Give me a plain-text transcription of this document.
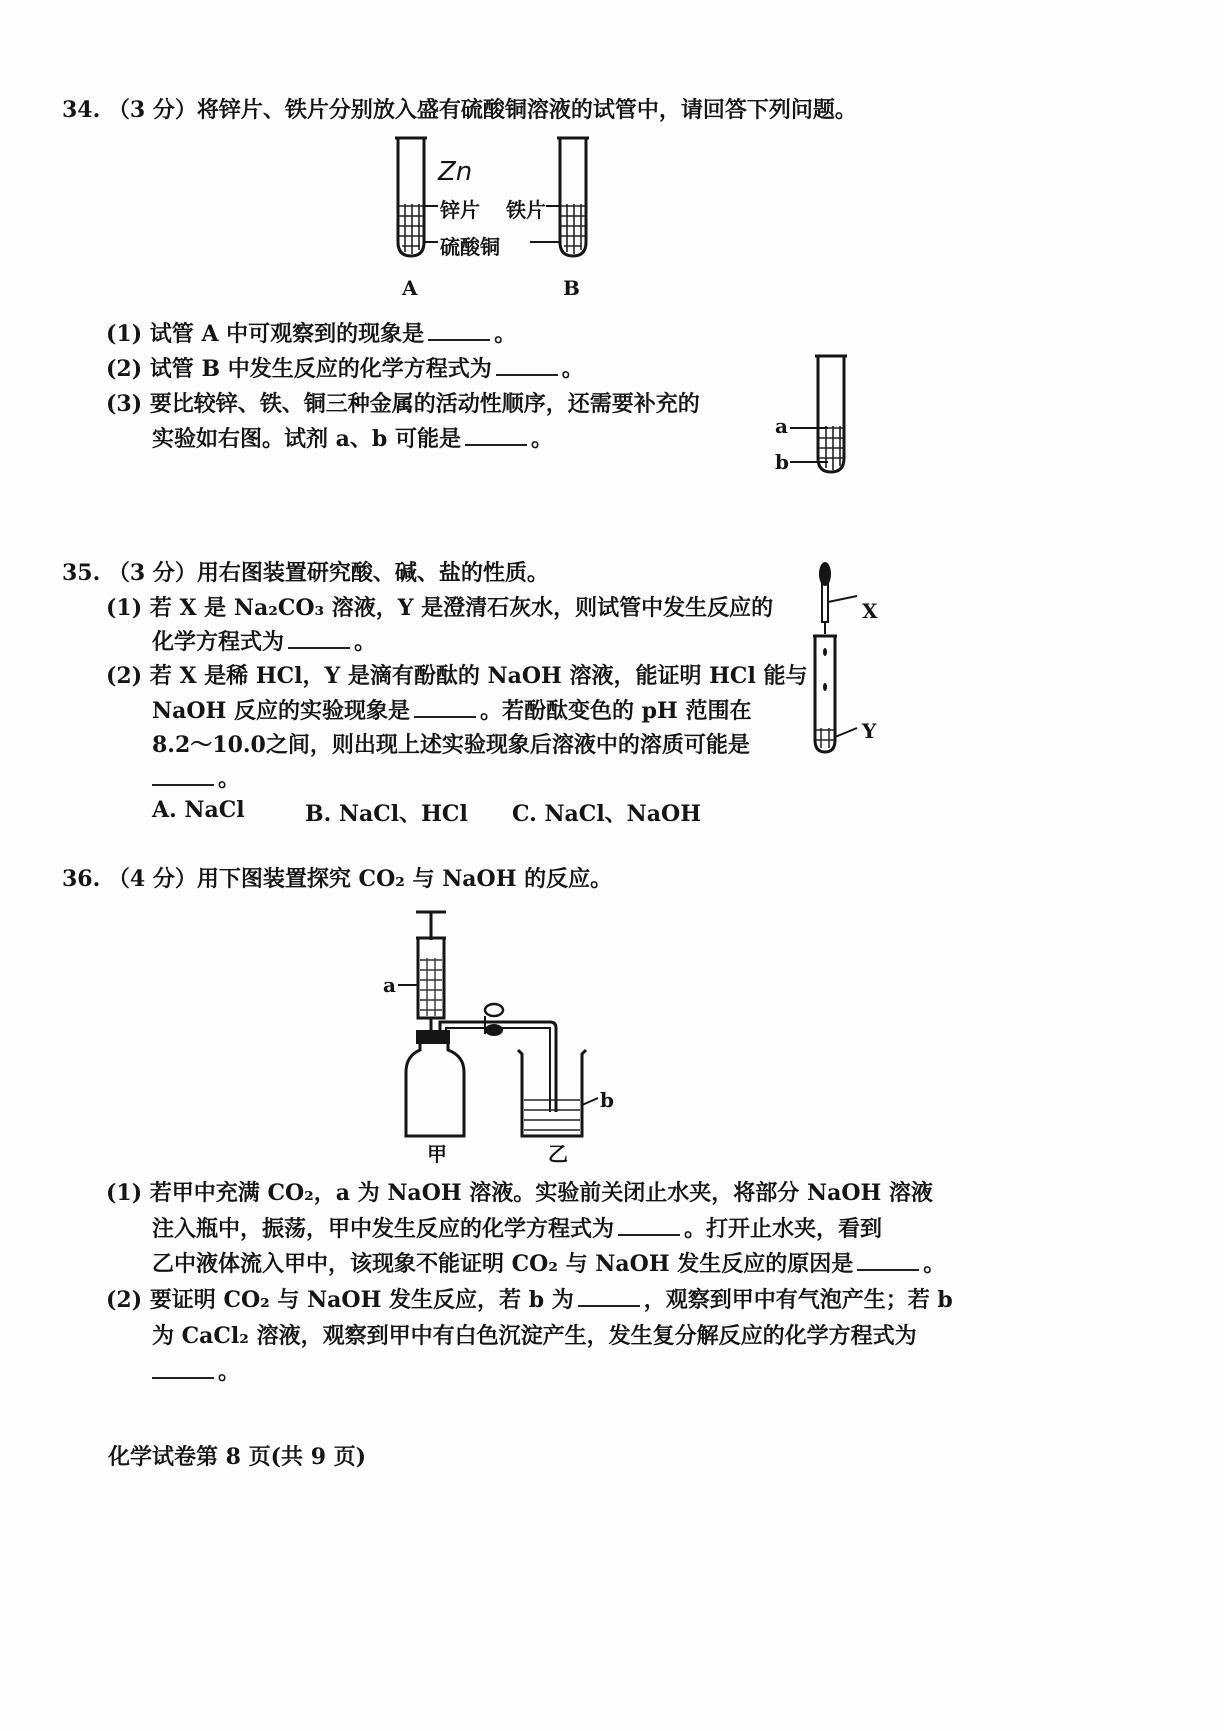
34. （3 分）将锌片、铁片分别放入盛有硫酸铜溶液的试管中，请回答下列问题。
Zn
锌片 铁片
硫酸铜
A	B
(1) 试管 A 中可观察到的现象是	。
(2) 试管 B 中发生反应的化学方程式为	。
(3) 要比较锌、铁、铜三种金属的活动性顺序，还需要补充的
实验如右图。试剂 a、b 可能是	。	a
b
35. （3 分）用右图装置研究酸、碱、盐的性质。
(1) 若 X 是 Na₂CO₃ 溶液，Y 是澄清石灰水，则试管中发生反应的
化学方程式为	。
(2) 若 X 是稀 HCl，Y 是滴有酚酞的 NaOH 溶液，能证明 HCl 能与
NaOH 反应的实验现象是	。若酚酞变色的 pH 范围在
8.2～10.0之间，则出现上述实验现象后溶液中的溶质可能是
。
A. NaCl	B. NaCl、HCl C. NaCl、NaOH
X
Y
36. （4 分）用下图装置探究 CO₂ 与 NaOH 的反应。
a
b
甲	乙
(1) 若甲中充满 CO₂，a 为 NaOH 溶液。实验前关闭止水夹，将部分 NaOH 溶液
注入瓶中，振荡，甲中发生反应的化学方程式为	。打开止水夹，看到
乙中液体流入甲中，该现象不能证明 CO₂ 与 NaOH 发生反应的原因是	。
(2) 要证明 CO₂ 与 NaOH 发生反应，若 b 为	，观察到甲中有气泡产生；若 b
为 CaCl₂ 溶液，观察到甲中有白色沉淀产生，发生复分解反应的化学方程式为
。
化学试卷第 8 页(共 9 页)
